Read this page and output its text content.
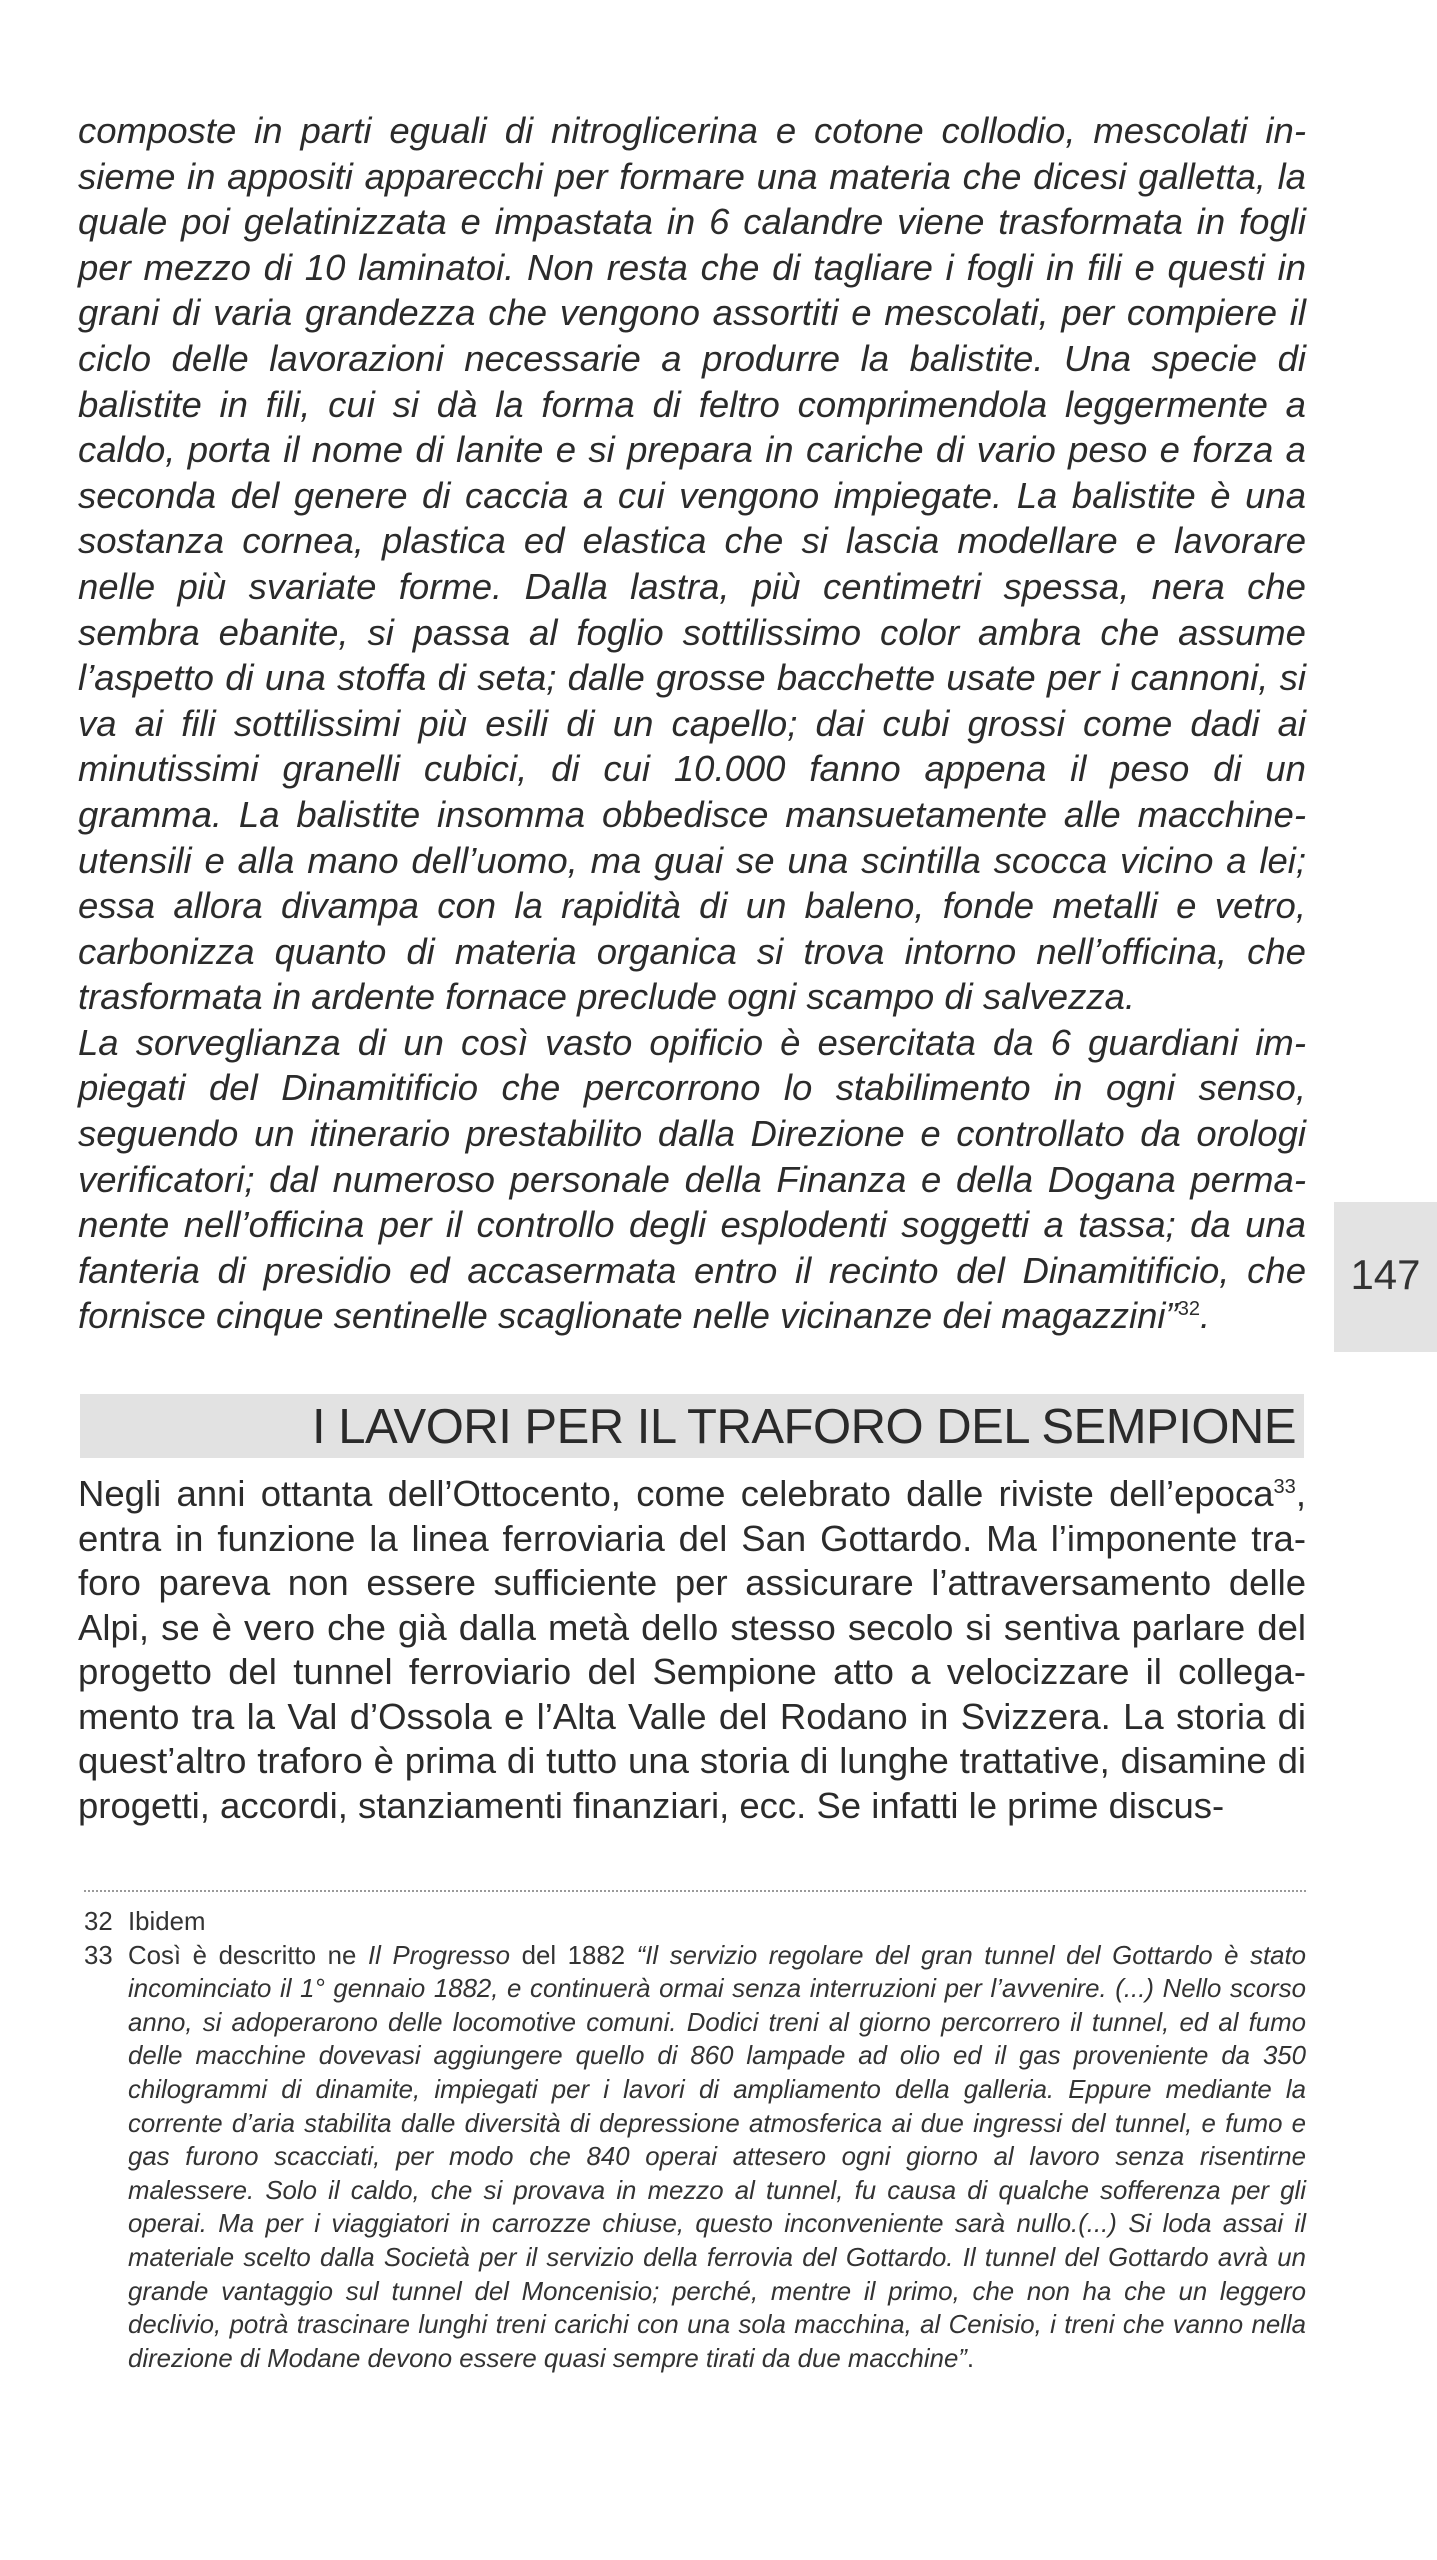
composte in parti eguali di nitroglicerina e cotone collodio, mescolati insieme in appositi apparecchi per formare una materia che dicesi galletta, la quale poi gelatinizzata e impastata in 6 calandre viene trasformata in fogli per mezzo di 10 laminatoi. Non resta che di tagliare i fogli in fili e questi in grani di varia grandezza che vengono assortiti e mescolati, per compiere il ciclo delle lavorazioni necessarie a produrre la balistite. Una specie di balistite in fili, cui si dà la forma di feltro comprimendola leggermente a caldo, porta il nome di lanite e si prepara in cariche di vario peso e forza a seconda del genere di caccia a cui vengono impiegate. La balistite è una sostanza cornea, plastica ed elastica che si lascia modellare e lavorare nelle più svariate forme. Dalla lastra, più centimetri spessa, nera che sembra ebanite, si passa al foglio sottilissimo color ambra che assume l’aspetto di una stoffa di seta; dalle grosse bacchette usate per i cannoni, si va ai fili sottilissimi più esili di un capello; dai cubi grossi come dadi ai minutissimi granelli cubici, di cui 10.000 fanno appena il peso di un gramma. La balistite insomma obbedisce mansuetamente alle macchine-utensili e alla mano dell’uomo, ma guai se una scintilla scocca vicino a lei; essa allora divampa con la rapidità di un baleno, fonde metalli e vetro, carbonizza quanto di materia organica si trova intorno nell’officina, che trasformata in ardente fornace preclude ogni scampo di salvezza.

La sorveglianza di un così vasto opificio è esercitata da 6 guardiani impiegati del Dinamitificio che percorrono lo stabilimento in ogni senso, seguendo un itinerario prestabilito dalla Direzione e controllato da orologi verificatori; dal numeroso personale della Finanza e della Dogana permanente nell’officina per il controllo degli esplodenti soggetti a tassa; da una fanteria di presidio ed accasermata entro il recinto del Dinamitificio, che fornisce cinque sentinelle scaglionate nelle vicinanze dei magazzini”$^{32}$.

147
I LAVORI PER IL TRAFORO DEL SEMPIONE

Negli anni ottanta dell’Ottocento, come celebrato dalle riviste dell’epoca$^{33}$, entra in funzione la linea ferroviaria del San Gottardo. Ma l’imponente traforo pareva non essere sufficiente per assicurare l’attraversamento delle Alpi, se è vero che già dalla metà dello stesso secolo si sentiva parlare del progetto del tunnel ferroviario del Sempione atto a velocizzare il collegamento tra la Val d’Ossola e l’Alta Valle del Rodano in Svizzera. La storia di quest’altro traforo è prima di tutto una storia di lunghe trattative, disamine di progetti, accordi, stanziamenti finanziari, ecc. Se infatti le prime discus-

32 Ibidem
33 Così è descritto ne Il Progresso del 1882 “Il servizio regolare del gran tunnel del Gottardo è stato incominciato il 1° gennaio 1882, e continuerà ormai senza interruzioni per l’avvenire. (...) Nello scorso anno, si adoperarono delle locomotive comuni. Dodici treni al giorno percorrero il tunnel, ed al fumo delle macchine dovevasi aggiungere quello di 860 lampade ad olio ed il gas proveniente da 350 chilogrammi di dinamite, impiegati per i lavori di ampliamento della galleria. Eppure mediante la corrente d’aria stabilita dalle diversità di depressione atmosferica ai due ingressi del tunnel, e fumo e gas furono scacciati, per modo che 840 operai attesero ogni giorno al lavoro senza risentirne malessere. Solo il caldo, che si provava in mezzo al tunnel, fu causa di qualche sofferenza per gli operai. Ma per i viaggiatori in carrozze chiuse, questo inconveniente sarà nullo.(...) Si loda assai il materiale scelto dalla Società per il servizio della ferrovia del Gottardo. Il tunnel del Gottardo avrà un grande vantaggio sul tunnel del Moncenisio; perché, mentre il primo, che non ha che un leggero declivio, potrà trascinare lunghi treni carichi con una sola macchina, al Cenisio, i treni che vanno nella direzione di Modane devono essere quasi sempre tirati da due macchine”.
